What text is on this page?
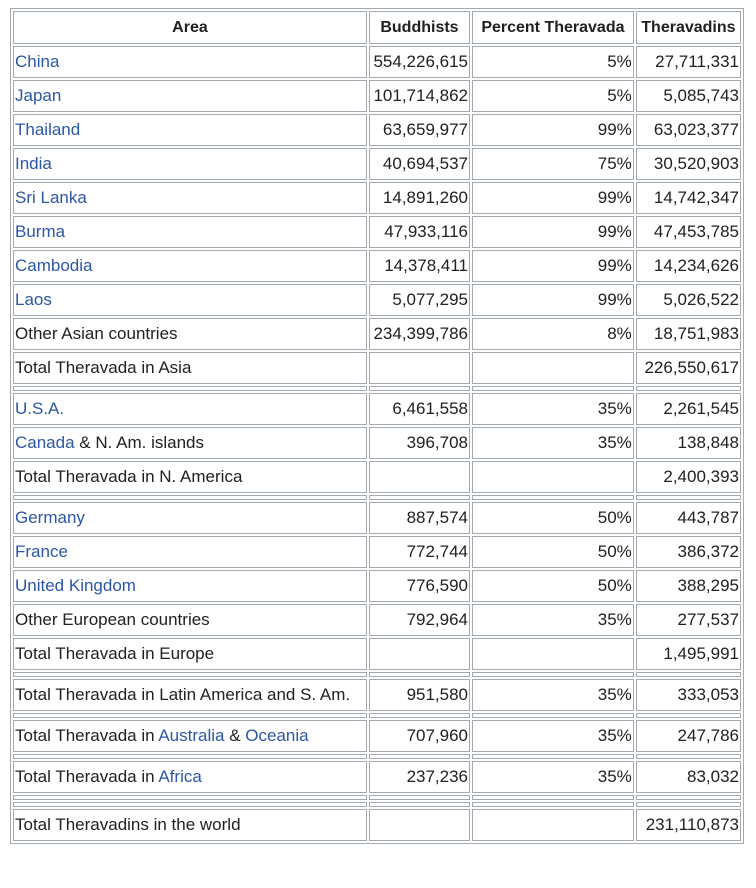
Area	Buddhists	Percent Theravada	Theravadins
China	554,226,615	5%	27,711,331
Japan	101,714,862	5%	5,085,743
Thailand	63,659,977	99%	63,023,377
India	40,694,537	75%	30,520,903
Sri Lanka	14,891,260	99%	14,742,347
Burma	47,933,116	99%	47,453,785
Cambodia	14,378,411	99%	14,234,626
Laos	5,077,295	99%	5,026,522
Other Asian countries	234,399,786	8%	18,751,983
Total Theravada in Asia			226,550,617

U.S.A.	6,461,558	35%	2,261,545
Canada & N. Am. islands	396,708	35%	138,848
Total Theravada in N. America			2,400,393

Germany	887,574	50%	443,787
France	772,744	50%	386,372
United Kingdom	776,590	50%	388,295
Other European countries	792,964	35%	277,537
Total Theravada in Europe			1,495,991

Total Theravada in Latin America and S. Am.	951,580	35%	333,053

Total Theravada in Australia & Oceania	707,960	35%	247,786

Total Theravada in Africa	237,236	35%	83,032

Total Theravadins in the world			231,110,873
